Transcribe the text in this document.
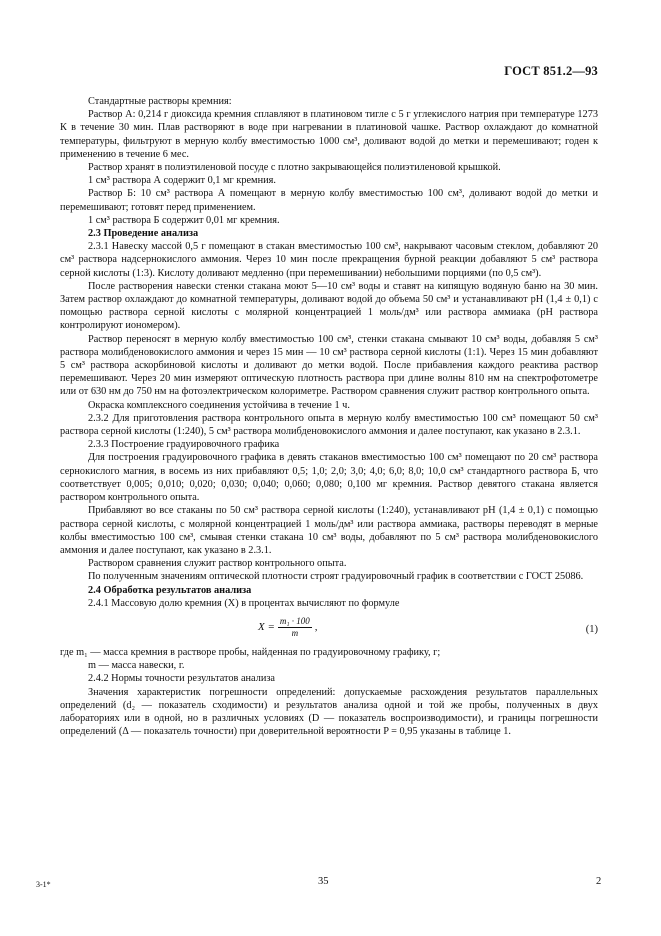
ГОСТ 851.2—93

Стандартные растворы кремния:

Раствор А: 0,214 г диоксида кремния сплавляют в платиновом тигле с 5 г углекислого натрия при температуре 1273 К в течение 30 мин. Плав растворяют в воде при нагревании в платиновой чашке. Раствор охлаждают до комнатной температуры, фильтруют в мерную колбу вместимостью 1000 см³, доливают водой до метки и перемешивают; годен к применению в течение 6 мес.

Раствор хранят в полиэтиленовой посуде с плотно закрывающейся полиэтиленовой крышкой.

1 см³ раствора А содержит 0,1 мг кремния.

Раствор Б: 10 см³ раствора А помещают в мерную колбу вместимостью 100 см³, доливают водой до метки и перемешивают; готовят перед применением.

1 см³ раствора Б содержит 0,01 мг кремния.

2.3 Проведение анализа

2.3.1 Навеску массой 0,5 г помещают в стакан вместимостью 100 см³, накрывают часовым стеклом, добавляют 20 см³ раствора надсернокислого аммония. Через 10 мин после прекращения бурной реакции добавляют 5 см³ раствора серной кислоты (1:3). Кислоту доливают медленно (при перемешивании) небольшими порциями (по 0,5 см³).

После растворения навески стенки стакана моют 5—10 см³ воды и ставят на кипящую водяную баню на 30 мин. Затем раствор охлаждают до комнатной температуры, доливают водой до объема 50 см³ и устанавливают рН (1,4 ± 0,1) с помощью раствора серной кислоты с молярной концентрацией 1 моль/дм³ или раствора аммиака (рН раствора контролируют иономером).

Раствор переносят в мерную колбу вместимостью 100 см³, стенки стакана смывают 10 см³ воды, добавляя 5 см³ раствора молибденовокислого аммония и через 15 мин — 10 см³ раствора серной кислоты (1:1). Через 15 мин добавляют 5 см³ раствора аскорбиновой кислоты и доливают до метки водой. После прибавления каждого реактива раствор перемешивают. Через 20 мин измеряют оптическую плотность раствора при длине волны 810 нм на спектрофотометре или от 630 нм до 750 нм на фотоэлектрическом колориметре. Раствором сравнения служит раствор контрольного опыта.

Окраска комплексного соединения устойчива в течение 1 ч.

2.3.2 Для приготовления раствора контрольного опыта в мерную колбу вместимостью 100 см³ помещают 50 см³ раствора серной кислоты (1:240), 5 см³ раствора молибденовокислого аммония и далее поступают, как указано в 2.3.1.

2.3.3 Построение градуировочного графика

Для построения градуировочного графика в девять стаканов вместимостью 100 см³ помещают по 20 см³ раствора сернокислого магния, в восемь из них прибавляют 0,5; 1,0; 2,0; 3,0; 4,0; 6,0; 8,0; 10,0 см³ стандартного раствора Б, что соответствует 0,005; 0,010; 0,020; 0,030; 0,040; 0,060; 0,080; 0,100 мг кремния. Раствор девятого стакана является раствором контрольного опыта.

Прибавляют во все стаканы по 50 см³ раствора серной кислоты (1:240), устанавливают рН (1,4 ± 0,1) с помощью раствора серной кислоты, с молярной концентрацией 1 моль/дм³ или раствора аммиака, растворы переводят в мерные колбы вместимостью 100 см³, смывая стенки стакана 10 см³ воды, добавляют по 5 см³ раствора молибденовокислого аммония и далее поступают, как указано в 2.3.1.

Раствором сравнения служит раствор контрольного опыта.

По полученным значениям оптической плотности строят градуировочный график в соответствии с ГОСТ 25086.

2.4 Обработка результатов анализа

2.4.1 Массовую долю кремния (X) в процентах вычисляют по формуле

$X = \frac{\text{m₁ · 100}}{m}$ ,	(1)

где m₁ — масса кремния в растворе пробы, найденная по градуировочному графику, г;

m — масса навески, г.

2.4.2 Нормы точности результатов анализа

Значения характеристик погрешности определений: допускаемые расхождения результатов параллельных определений (d₂ — показатель сходимости) и результатов анализа одной и той же пробы, полученных в двух лабораториях или в одной, но в различных условиях (D — показатель воспроизводимости), и границы погрешности определений (Δ — показатель точности) при доверительной вероятности P = 0,95 указаны в таблице 1.

3-1*	35	2
